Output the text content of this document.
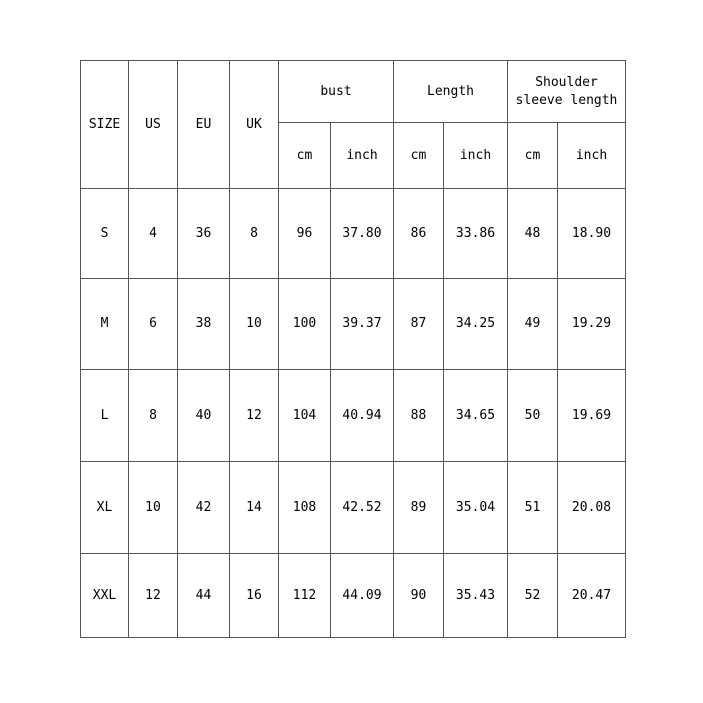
SIZE	US	EU	UK	bust		Length		Shoulder
sleeve length	
				cm	inch	cm	inch	cm	inch
S	4	36	8	96	37.80	86	33.86	48	18.90
M	6	38	10	100	39.37	87	34.25	49	19.29
L	8	40	12	104	40.94	88	34.65	50	19.69
XL	10	42	14	108	42.52	89	35.04	51	20.08
XXL	12	44	16	112	44.09	90	35.43	52	20.47
